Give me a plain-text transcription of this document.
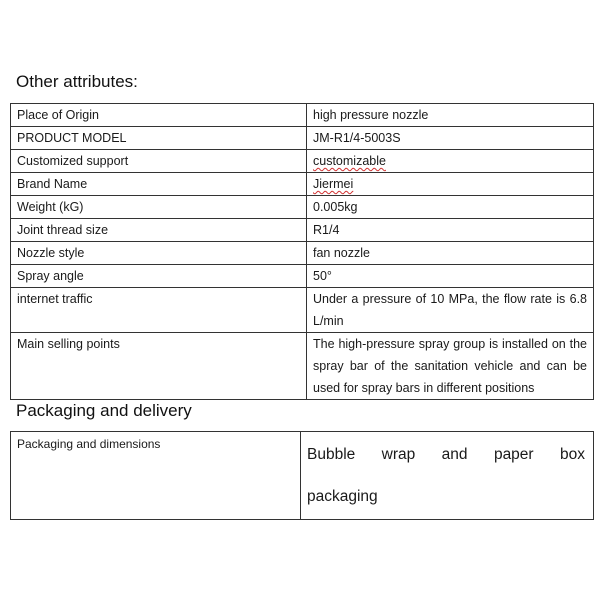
Other attributes:
Place of Origin	high pressure nozzle
PRODUCT MODEL	JM-R1/4-5003S
Customized support	customizable
Brand Name	Jiermei
Weight (kG)	0.005kg
Joint thread size	R1/4
Nozzle style	fan nozzle
Spray angle	50°
internet traffic	Under a pressure of 10 MPa, the flow rate is 6.8 L/min
Main selling points	The high-pressure spray group is installed on the spray bar of the sanitation vehicle and can be used for spray bars in different positions
Packaging and delivery
Packaging and dimensions	Bubble wrap and paper box packaging
